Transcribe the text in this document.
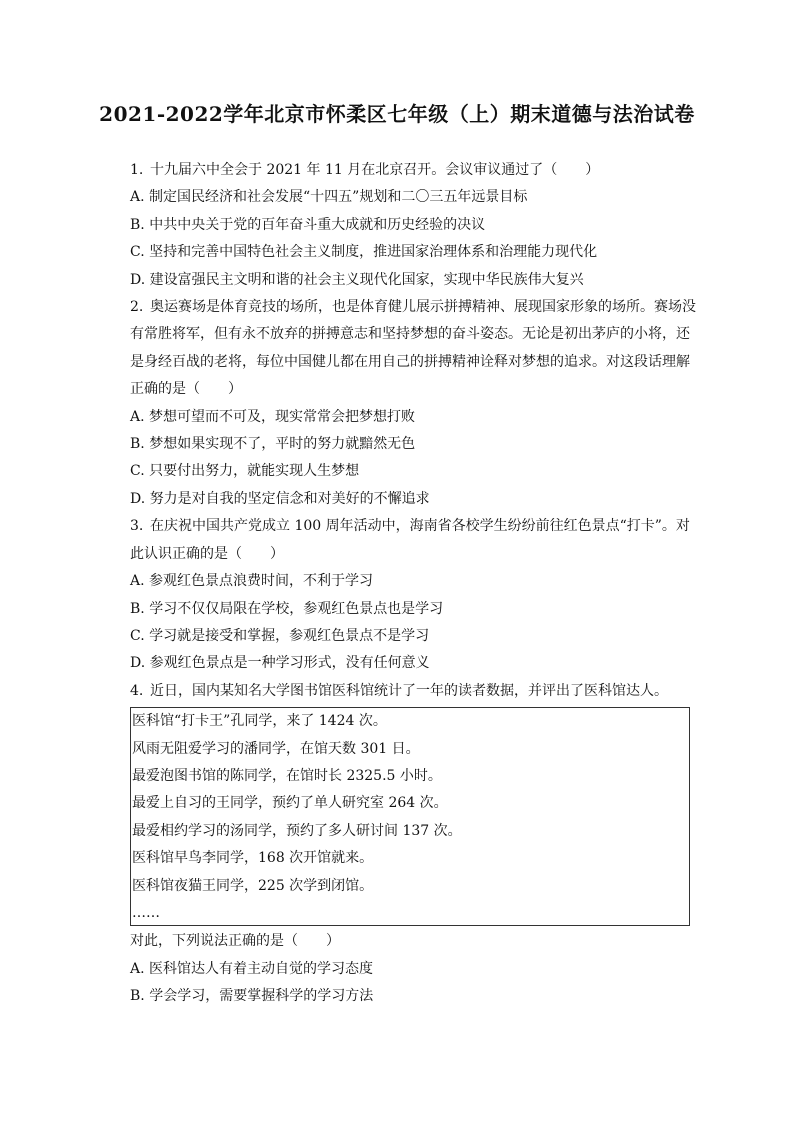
2021-2022学年北京市怀柔区七年级（上）期末道德与法治试卷
1. 十九届六中全会于 2021 年 11 月在北京召开。会议审议通过了（　　）
A. 制定国民经济和社会发展“十四五”规划和二〇三五年远景目标
B. 中共中央关于党的百年奋斗重大成就和历史经验的决议
C. 坚持和完善中国特色社会主义制度，推进国家治理体系和治理能力现代化
D. 建设富强民主文明和谐的社会主义现代化国家，实现中华民族伟大复兴
2. 奥运赛场是体育竞技的场所，也是体育健儿展示拼搏精神、展现国家形象的场所。赛场没
有常胜将军，但有永不放弃的拼搏意志和坚持梦想的奋斗姿态。无论是初出茅庐的小将，还
是身经百战的老将，每位中国健儿都在用自己的拼搏精神诠释对梦想的追求。对这段话理解
正确的是（　　）
A. 梦想可望而不可及，现实常常会把梦想打败
B. 梦想如果实现不了，平时的努力就黯然无色
C. 只要付出努力，就能实现人生梦想
D. 努力是对自我的坚定信念和对美好的不懈追求
3. 在庆祝中国共产党成立 100 周年活动中，海南省各校学生纷纷前往红色景点“打卡”。对
此认识正确的是（　　）
A. 参观红色景点浪费时间，不利于学习
B. 学习不仅仅局限在学校，参观红色景点也是学习
C. 学习就是接受和掌握，参观红色景点不是学习
D. 参观红色景点是一种学习形式，没有任何意义
4. 近日，国内某知名大学图书馆医科馆统计了一年的读者数据，并评出了医科馆达人。
医科馆“打卡王”孔同学，来了 1424 次。
风雨无阻爱学习的潘同学，在馆天数 301 日。
最爱泡图书馆的陈同学，在馆时长 2325.5 小时。
最爱上自习的王同学，预约了单人研究室 264 次。
最爱相约学习的汤同学，预约了多人研讨间 137 次。
医科馆早鸟李同学，168 次开馆就来。
医科馆夜猫王同学，225 次学到闭馆。
……
对此，下列说法正确的是（　　）
A. 医科馆达人有着主动自觉的学习态度
B. 学会学习，需要掌握科学的学习方法
